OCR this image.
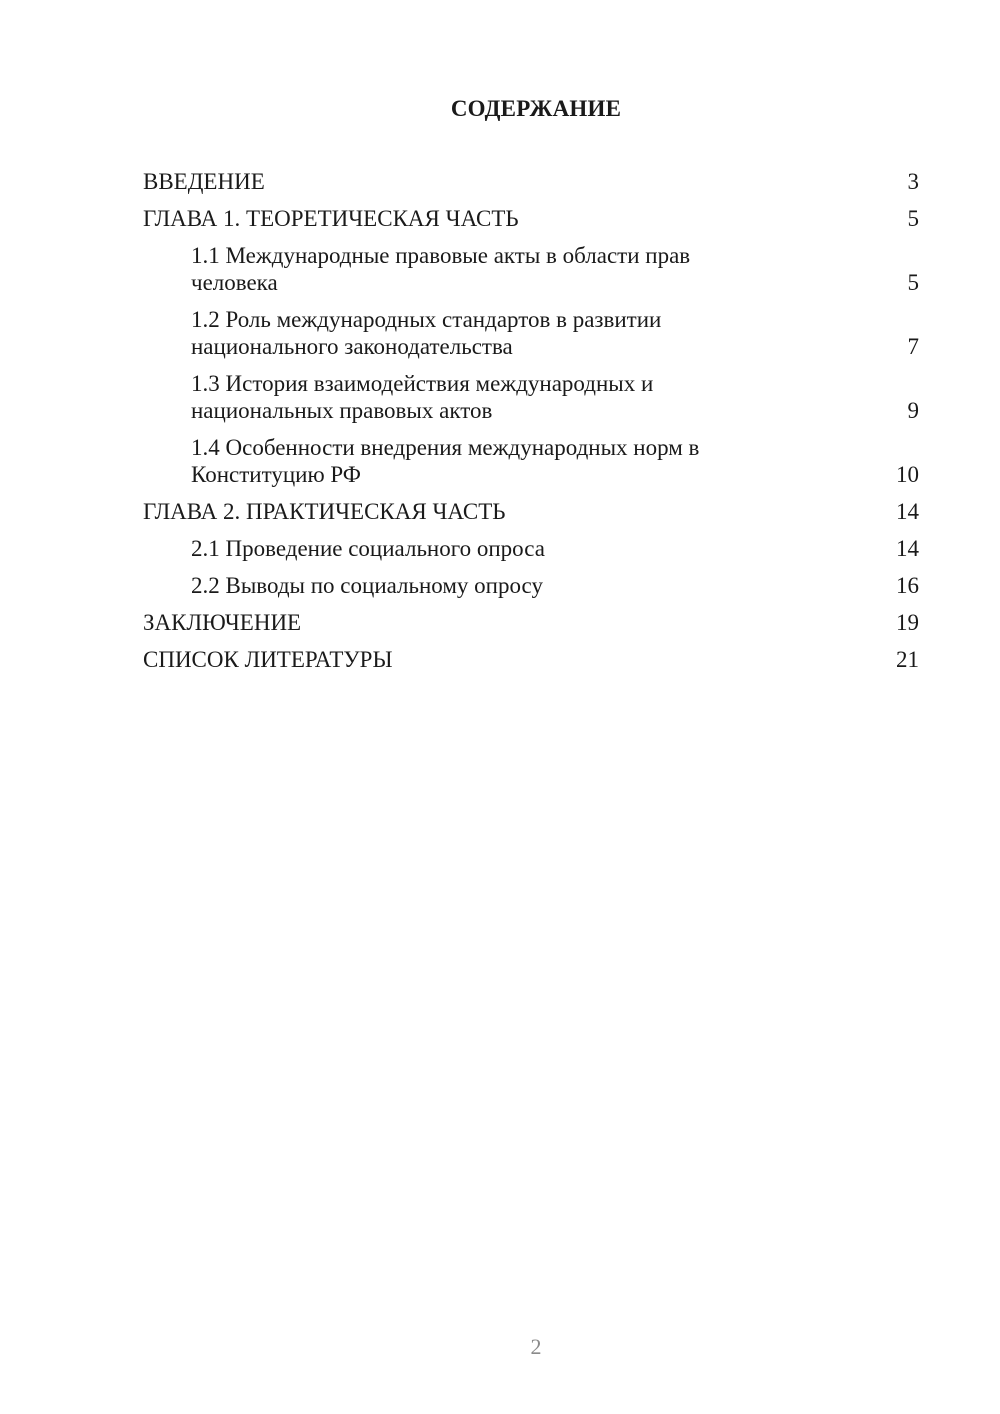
СОДЕРЖАНИЕ
ВВЕДЕНИЕ	3
ГЛАВА 1. ТЕОРЕТИЧЕСКАЯ ЧАСТЬ	5
1.1 Международные правовые акты в области прав человека	5
1.2 Роль международных стандартов в развитии национального законодательства	7
1.3 История взаимодействия международных и национальных правовых актов	9
1.4 Особенности внедрения международных норм в Конституцию РФ	10
ГЛАВА 2. ПРАКТИЧЕСКАЯ ЧАСТЬ	14
2.1 Проведение социального опроса	14
2.2 Выводы по социальному опросу	16
ЗАКЛЮЧЕНИЕ	19
СПИСОК ЛИТЕРАТУРЫ	21
2
